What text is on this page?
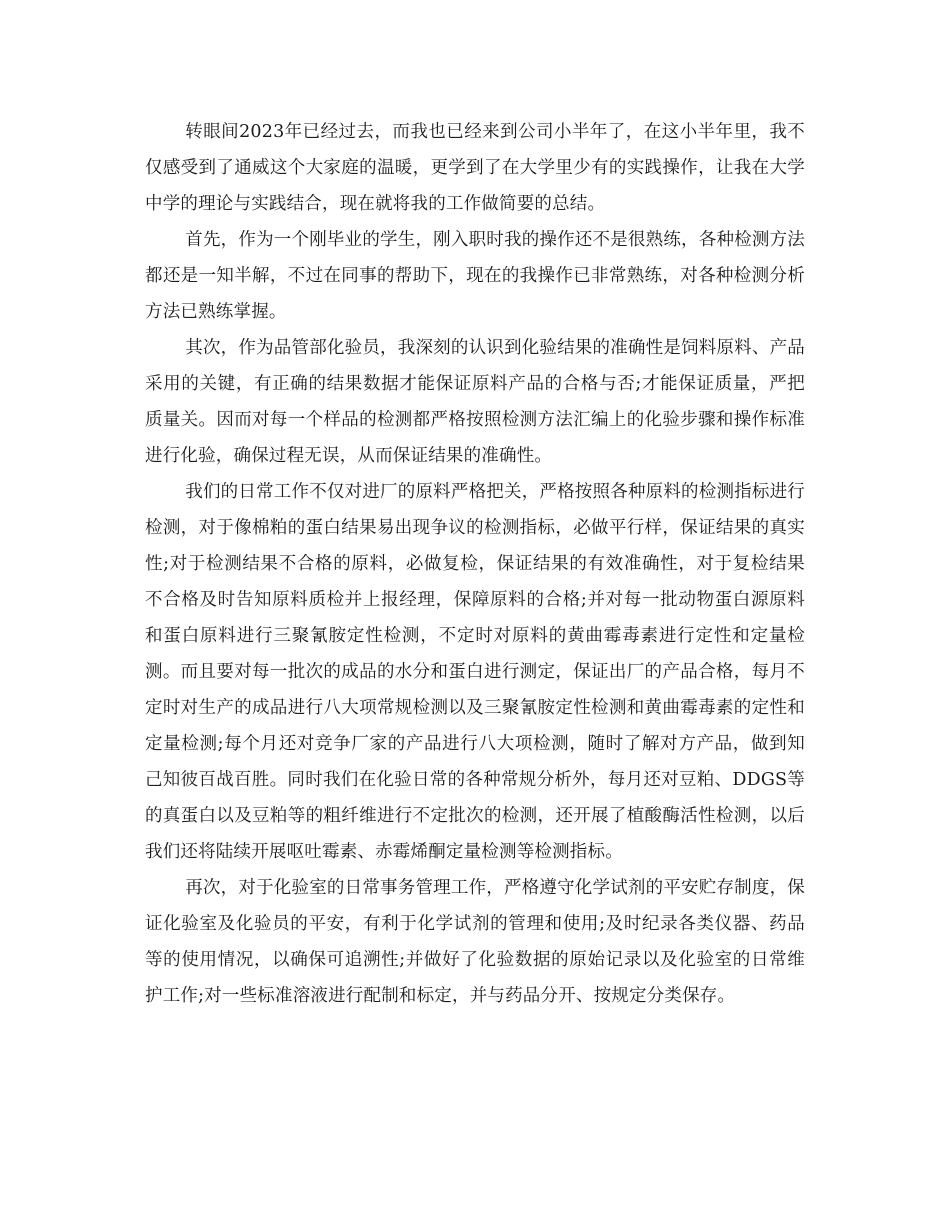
转眼间2023年已经过去，而我也已经来到公司小半年了，在这小半年里，我不仅感受到了通威这个大家庭的温暖，更学到了在大学里少有的实践操作，让我在大学中学的理论与实践结合，现在就将我的工作做简要的总结。

首先，作为一个刚毕业的学生，刚入职时我的操作还不是很熟练，各种检测方法都还是一知半解，不过在同事的帮助下，现在的我操作已非常熟练，对各种检测分析方法已熟练掌握。

其次，作为品管部化验员，我深刻的认识到化验结果的准确性是饲料原料、产品采用的关键，有正确的结果数据才能保证原料产品的合格与否;才能保证质量，严把质量关。因而对每一个样品的检测都严格按照检测方法汇编上的化验步骤和操作标准进行化验，确保过程无误，从而保证结果的准确性。

我们的日常工作不仅对进厂的原料严格把关，严格按照各种原料的检测指标进行检测，对于像棉粕的蛋白结果易出现争议的检测指标，必做平行样，保证结果的真实性;对于检测结果不合格的原料，必做复检，保证结果的有效准确性，对于复检结果不合格及时告知原料质检并上报经理，保障原料的合格;并对每一批动物蛋白源原料和蛋白原料进行三聚氰胺定性检测，不定时对原料的黄曲霉毒素进行定性和定量检测。而且要对每一批次的成品的水分和蛋白进行测定，保证出厂的产品合格，每月不定时对生产的成品进行八大项常规检测以及三聚氰胺定性检测和黄曲霉毒素的定性和定量检测;每个月还对竞争厂家的产品进行八大项检测，随时了解对方产品，做到知己知彼百战百胜。同时我们在化验日常的各种常规分析外，每月还对豆粕、DDGS等的真蛋白以及豆粕等的粗纤维进行不定批次的检测，还开展了植酸酶活性检测，以后我们还将陆续开展呕吐霉素、赤霉烯酮定量检测等检测指标。

再次，对于化验室的日常事务管理工作，严格遵守化学试剂的平安贮存制度，保证化验室及化验员的平安，有利于化学试剂的管理和使用;及时纪录各类仪器、药品等的使用情况，以确保可追溯性;并做好了化验数据的原始记录以及化验室的日常维护工作;对一些标准溶液进行配制和标定，并与药品分开、按规定分类保存。
